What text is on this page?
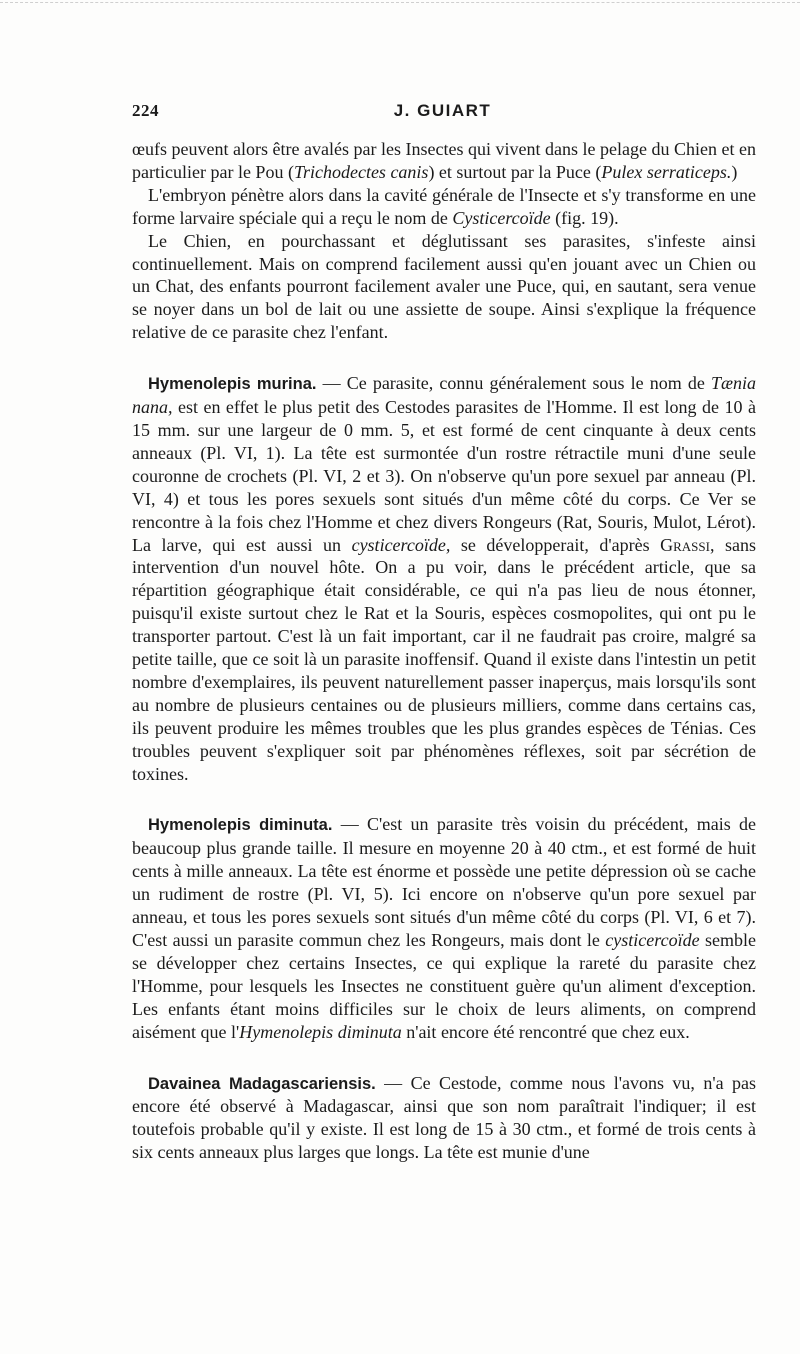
224	J. GUIART

œufs peuvent alors être avalés par les Insectes qui vivent dans le pelage du Chien et en particulier par le Pou (Trichodectes canis) et surtout par la Puce (Pulex serraticeps.)

L'embryon pénètre alors dans la cavité générale de l'Insecte et s'y transforme en une forme larvaire spéciale qui a reçu le nom de Cysticercoïde (fig. 19).

Le Chien, en pourchassant et déglutissant ses parasites, s'infeste ainsi continuellement. Mais on comprend facilement aussi qu'en jouant avec un Chien ou un Chat, des enfants pourront facilement avaler une Puce, qui, en sautant, sera venue se noyer dans un bol de lait ou une assiette de soupe. Ainsi s'explique la fréquence relative de ce parasite chez l'enfant.

Hymenolepis murina. — Ce parasite, connu généralement sous le nom de Tænia nana, est en effet le plus petit des Cestodes parasites de l'Homme. Il est long de 10 à 15 mm. sur une largeur de 0 mm. 5, et est formé de cent cinquante à deux cents anneaux (Pl. VI, 1). La tête est surmontée d'un rostre rétractile muni d'une seule couronne de crochets (Pl. VI, 2 et 3). On n'observe qu'un pore sexuel par anneau (Pl. VI, 4) et tous les pores sexuels sont situés d'un même côté du corps. Ce Ver se rencontre à la fois chez l'Homme et chez divers Rongeurs (Rat, Souris, Mulot, Lérot). La larve, qui est aussi un cysticercoïde, se développerait, d'après Grassi, sans intervention d'un nouvel hôte. On a pu voir, dans le précédent article, que sa répartition géographique était considérable, ce qui n'a pas lieu de nous étonner, puisqu'il existe surtout chez le Rat et la Souris, espèces cosmopolites, qui ont pu le transporter partout. C'est là un fait important, car il ne faudrait pas croire, malgré sa petite taille, que ce soit là un parasite inoffensif. Quand il existe dans l'intestin un petit nombre d'exemplaires, ils peuvent naturellement passer inaperçus, mais lorsqu'ils sont au nombre de plusieurs centaines ou de plusieurs milliers, comme dans certains cas, ils peuvent produire les mêmes troubles que les plus grandes espèces de Ténias. Ces troubles peuvent s'expliquer soit par phénomènes réflexes, soit par sécrétion de toxines.

Hymenolepis diminuta. — C'est un parasite très voisin du précédent, mais de beaucoup plus grande taille. Il mesure en moyenne 20 à 40 ctm., et est formé de huit cents à mille anneaux. La tête est énorme et possède une petite dépression où se cache un rudiment de rostre (Pl. VI, 5). Ici encore on n'observe qu'un pore sexuel par anneau, et tous les pores sexuels sont situés d'un même côté du corps (Pl. VI, 6 et 7). C'est aussi un parasite commun chez les Rongeurs, mais dont le cysticercoïde semble se développer chez certains Insectes, ce qui explique la rareté du parasite chez l'Homme, pour lesquels les Insectes ne constituent guère qu'un aliment d'exception. Les enfants étant moins difficiles sur le choix de leurs aliments, on comprend aisément que l'Hymenolepis diminuta n'ait encore été rencontré que chez eux.

Davainea Madagascariensis. — Ce Cestode, comme nous l'avons vu, n'a pas encore été observé à Madagascar, ainsi que son nom paraîtrait l'indiquer; il est toutefois probable qu'il y existe. Il est long de 15 à 30 ctm., et formé de trois cents à six cents anneaux plus larges que longs. La tête est munie d'une
